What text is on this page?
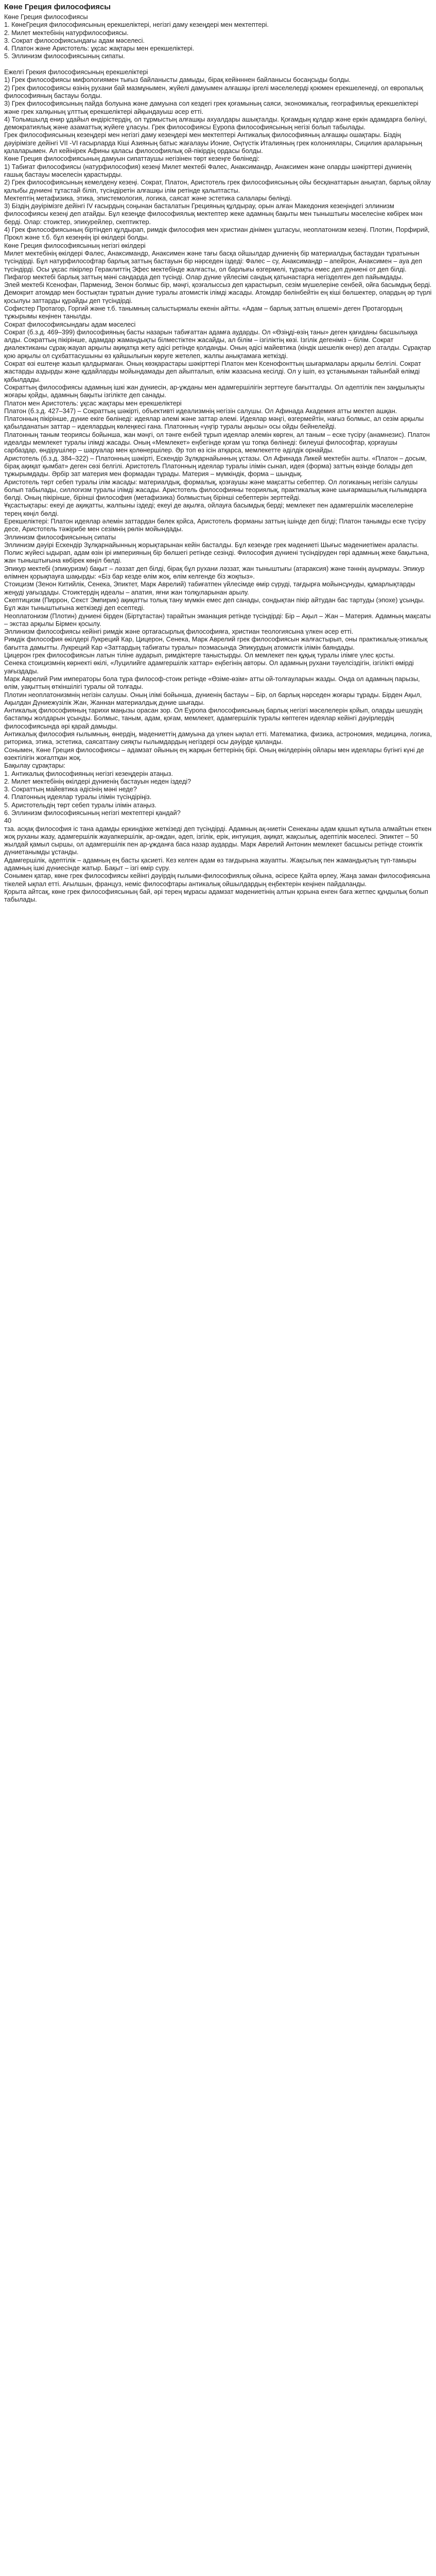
Көне Греция философиясы

Көне Греция философиясы

1. КөнеГреция философиясының ерекшеліктері, негізгі даму кезеңдері мен мектептері.

2. Милет мектебінің натурфилософиясы.

3. Сократ философиясындағы адам мәселесі.

4. Платон және Аристотель: ұқсас жақтары мен ерекшеліктері.

5. Эллинизм философиясының сипаты.

Ежелгі Грекия философиясының ерекшеліктері

1) Грек философиясы мифологиямен тығыз байланысты дамыды, бірақ кейінннен байланысы босаңсыды болды.

2) Грек философиясы өзінің рухани бай мазмұнымен, жүйелі дамуымен алғашқы іргелі мәселелерді қоюмен ерекшеленеді, ол европалық философияның бастауы болды.

3) Грек философиясының пайда болуына және дамуына сол кездегі грек қоғамының саяси, экономикалық, географиялық ерекшеліктері және грек халқының ұлттық ерекшеліктері айқындауыш әсер етті.

4) Тольмшылд енир ұдайыл өндірістердің, ол тұрмыстың алғашқы ахуалдары ашықталды. Қоғамдың кұлдар және еркін адамдарға бөлінуі, демократиялық және азаматтық жүйеге ұласуы. Грек философиясы Еуропа философиясының негізі болып табылады.

Грек философиясының кезеңдері мен негізгі даму кезеңдері мен мектептері Антикалық философияның алғашқы ошақтары. Біздің дәуірімізге дейінгі VII -VI ғасырларда Кіші Азияның батыс жағалауы Ионие, Оңтүстік Италияның грек колониялары, Сицилия араларының қалаларымен. Ал кейінірек Афины қаласы философиялық ой-пікірдің ордасы болды.

Көне Греция философиясының дамуын сипаттаушы негізінен төрт кезеңге бөлінеді:

1) Табиғат философиясы (натурфилософия) кезеңі Милет мектебі Фалес, Анаксимандр, Анаксимен және оларды шәкірттері дүниенің ғашық бастауы мәселесін қарастырды.

2) Грек философиясының кемелдену кезеңі. Сократ, Платон, Аристотель грек философиясының ойы бесқанаттарын анықтап, барлық ойлау қалыбы дүниені тұтастай біліп, түсіндіретін алғашқы ілім ретінде қалыптасты.

Мектептің метафизика, этика, эпистемология, логика, саясат және эстетика салалары бөлінді.

3) Біздің дәуірімізге дейінгі IV ғасырдың соңынан басталатын Грецияның құлдырау, орын алған Македония кезеңіндегі эллинизм философиясы кезеңі деп атайды. Бұл кезеңде философиялық мектептер жеке адамның бақыты мен тыныштығы мәселесіне көбірек мән берді. Олар: стоиктер, эпикурейлер, скептиктер.

4) Грек философиясының біртіндеп құлдырап, римдік философия мен христиан дінімен ұштасуы, неоплатонизм кезеңі. Плотин, Порфирий, Прокл және т.б. бұл кезеңнің ірі өкілдері болды.

Көне Греция философиясының негізгі өкілдері

Милет мектебінің өкілдері Фалес, Анаксимандр, Анаксимен және тағы басқа ойшылдар дүниенің бір материалдық бастаудан тұратынын түсіндірді. Бұл натурфилософтар барлық заттың бастауын бір нәрседен іздеді: Фалес – су, Анаксимандр – апейрон, Анаксимен – ауа деп түсіндірді. Осы ұқсас пікірлер Гераклиттің Эфес мектебінде жалғасты, ол барлығы өзгермелі, тұрақты емес деп дүниені от деп білді.

Пифагор мектебі барлық заттың мәні сандарда деп түсінді. Олар дүние үйлесімі сандық қатынастарға негізделген деп пайымдады.

Элей мектебі Ксенофан, Парменид, Зенон болмыс бір, мәңгі, қозғалыссыз деп қарастырып, сезім мүшелеріне сенбей, ойға басымдық берді.

Демокрит атомдар мен бостықтан тұратын дүние туралы атомистік ілімді жасады. Атомдар бөлінбейтін ең кіші бөлшектер, олардың әр түрлі қосылуы заттарды құрайды деп түсіндірді.

Софистер Протагор, Горгий және т.б. танымның салыстырмалы екенін айтты. «Адам – барлық заттың өлшемі» деген Протагордың тұжырымы кеңінен танылды.

Сократ философиясындағы адам мәселесі

Сократ (б.з.д. 469–399) философияның басты назарын табиғаттан адамға аударды. Ол «Өзіңді-өзің таны» деген қағиданы басшылыққа алды. Сократтың пікірінше, адамдар жамандықты білместіктен жасайды, ал білім – ізгіліктің көзі. Ізгілік дегеніміз – білім. Сократ диалектиканы сұрақ-жауап арқылы ақиқатқа жету әдісі ретінде қолданды. Оның әдісі майевтика (кіндік шешелік өнер) деп аталды. Сұрақтар қою арқылы ол сұхбаттасушыны өз қайшылығын көруге жетелеп, жалпы анықтамаға жеткізді.

Сократ өзі ештеңе жазып қалдырмаған. Оның көзқарастары шәкірттері Платон мен Ксенофонттың шығармалары арқылы белгілі. Сократ жастарды аздырды және құдайларды мойындамады деп айыпталып, өлім жазасына кесілді. Ол у ішіп, өз ұстанымынан тайынбай өлімді қабылдады.

Сократтың философиясы адамның ішкі жан дүниесін, ар-ұжданы мен адамгершілігін зерттеуге бағытталды. Ол әдептілік пен заңдылықты жоғары қойды, адамның бақыты ізгілікте деп санады.

Платон мен Аристотель: ұқсас жақтары мен ерекшеліктері

Платон (б.з.д. 427–347) – Сократтың шәкірті, объективті идеализмнің негізін салушы. Ол Афинада Академия атты мектеп ашқан. Платонның пікірінше, дүние екіге бөлінеді: идеялар әлемі және заттар әлемі. Идеялар мәңгі, өзгермейтін, нағыз болмыс, ал сезім арқылы қабылданатын заттар – идеялардың көлеңкесі ғана. Платонның «үңгір туралы аңызы» осы ойды бейнелейді.

Платонның таным теориясы бойынша, жан мәңгі, ол тәнге енбей тұрып идеялар әлемін көрген, ал таным – еске түсіру (анамнезис). Платон идеалды мемлекет туралы ілімді жасады. Оның «Мемлекет» еңбегінде қоғам үш топқа бөлінеді: билеуші философтар, қорғаушы сарбаздар, өндірушілер – шаруалар мен қолөнершілер. Әр топ өз ісін атқарса, мемлекетте әділдік орнайды.

Аристотель (б.з.д. 384–322) – Платонның шәкірті, Ескендір Зұлқарнайынның ұстазы. Ол Афинада Ликей мектебін ашты. «Платон – досым, бірақ ақиқат қымбат» деген сөзі белгілі. Аристотель Платонның идеялар туралы ілімін сынап, идея (форма) заттың өзінде болады деп тұжырымдады. Әрбір зат материя мен формадан тұрады. Материя – мүмкіндік, форма – шындық.

Аристотель төрт себеп туралы ілім жасады: материалдық, формалық, қозғаушы және мақсатты себептер. Ол логиканың негізін салушы болып табылады, силлогизм туралы ілімді жасады. Аристотель философияны теориялық, практикалық және шығармашылық ғылымдарға бөлді. Оның пікірінше, бірінші философия (метафизика) болмыстың бірінші себептерін зерттейді.

Ұқсастықтары: екеуі де ақиқатты, жалпыны іздеді; екеуі де ақылға, ойлауға басымдық берді; мемлекет пен адамгершілік мәселелеріне терең көңіл бөлді.

Ерекшеліктері: Платон идеялар әлемін заттардан бөлек қойса, Аристотель форманы заттың ішінде деп білді; Платон танымды еске түсіру десе, Аристотель тәжірибе мен сезімнің рөлін мойындады.

Эллинизм философиясының сипаты

Эллинизм дәуірі Ескендір Зұлқарнайынның жорықтарынан кейін басталды. Бұл кезеңде грек мәдениеті Шығыс мәдениетімен араласты. Полис жүйесі ыдырап, адам өзін ірі империяның бір бөлшегі ретінде сезінді. Философия дүниені түсіндіруден гөрі адамның жеке бақытына, жан тыныштығына көбірек көңіл бөлді.

Эпикур мектебі (эпикуризм) бақыт – ләззат деп білді, бірақ бұл рухани ләззат, жан тыныштығы (атараксия) және тәннің ауырмауы. Эпикур өлімнен қорықпауға шақырды: «Біз бар кезде өлім жоқ, өлім келгенде біз жоқпыз».

Стоицизм (Зенон Китийлік, Сенека, Эпиктет, Марк Аврелий) табиғатпен үйлесімде өмір сүруді, тағдырға мойынсұнуды, құмарлықтарды жеңуді уағыздады. Стоиктердің идеалы – апатия, яғни жан толқуларынан арылу.

Скептицизм (Пиррон, Секст Эмпирик) ақиқатты толық тану мүмкін емес деп санады, сондықтан пікір айтудан бас тартуды (эпохе) ұсынды. Бұл жан тыныштығына жеткізеді деп есептеді.

Неоплатонизм (Плотин) дүниені бірден (Біртұтастан) тарайтын эманация ретінде түсіндірді: Бір – Ақыл – Жан – Материя. Адамның мақсаты – экстаз арқылы Бірмен қосылу.

Эллинизм философиясы кейінгі римдік және ортағасырлық философияға, христиан теологиясына үлкен әсер етті.

Римдік философия өкілдері Лукреций Кар, Цицерон, Сенека, Марк Аврелий грек философиясын жалғастырып, оны практикалық-этикалық бағытта дамытты. Лукреций Кар «Заттардың табиғаты туралы» поэмасында Эпикурдың атомистік ілімін баяндады.

Цицерон грек философиясын латын тіліне аударып, римдіктерге таныстырды. Ол мемлекет пен құқық туралы ілімге үлес қосты.

Сенека стоицизмнің көрнекті өкілі, «Луцилийге адамгершілік хаттар» еңбегінің авторы. Ол адамның рухани тәуелсіздігін, ізгілікті өмірді уағыздады.

Марк Аврелий Рим императоры бола тұра философ-стоик ретінде «Өзіме-өзім» атты ой-толғауларын жазды. Онда ол адамның парызы, өлім, уақыттың өткіншілігі туралы ой толғады.

Плотин неоплатонизмнің негізін салушы. Оның ілімі бойынша, дүниенің бастауы – Бір, ол барлық нәрседен жоғары тұрады. Бірден Ақыл, Ақылдан Дүниежүзілік Жан, Жаннан материалдық дүние шығады.

Антикалық философияның тарихи маңызы орасан зор. Ол Еуропа философиясының барлық негізгі мәселелерін қойып, оларды шешудің бастапқы жолдарын ұсынды. Болмыс, таным, адам, қоғам, мемлекет, адамгершілік туралы көптеген идеялар кейінгі дәуірлердің философиясында әрі қарай дамыды.

Антикалық философия ғылымның, өнердің, мәдениеттің дамуына да үлкен ықпал етті. Математика, физика, астрономия, медицина, логика, риторика, этика, эстетика, саясаттану сияқты ғылымдардың негіздері осы дәуірде қаланды.

Сонымен, Көне Греция философиясы – адамзат ойының ең жарқын беттерінің бірі. Оның өкілдерінің ойлары мен идеялары бүгінгі күні де өзектілігін жоғалтқан жоқ.

Бақылау сұрақтары:

1. Антикалық философияның негізгі кезеңдерін атаңыз.

2. Милет мектебінің өкілдері дүниенің бастауын неден іздеді?

3. Сократтың майевтика әдісінің мәні неде?

4. Платонның идеялар туралы ілімін түсіндіріңіз.

5. Аристотельдің төрт себеп туралы ілімін атаңыз.

6. Эллинизм философиясының негізгі мектептері қандай?

40

тза. асқақ философия іс тана адамды еркиндікке жеткізеді деп түсіндірді. Адамның ақ-ниетін Сенеканы адам қашып кұтыла алмайтын еткен жоқ руханы жазу, адамгершілік жауапкершілік, ар-ождан, әдеп, ізгілік, ерік, интуиция, ақиқат, жақсылық, әдептілік мәселесі. Эпиктет – 50 жылдай қамыл сыршы, ол адамгершілік пен ар-ұжданға баса назар аударды. Марк Аврелий Антонин мемлекет басшысы ретінде стоиктік дүниетанымды ұстанды.

Адамгершілік, әдептілік – адамның ең басты қасиеті. Кез келген адам өз тағдырына жауапты. Жақсылық пен жамандықтың түп-тамыры адамның ішкі дүниесінде жатыр. Бақыт – ізгі өмір сүру.

Сонымен қатар, көне грек философиясы кейінгі дәуірдің ғылыми-философиялық ойына, әсіресе Қайта өрлеу, Жаңа заман философиясына тікелей ықпал етті. Ағылшын, француз, неміс философтары антикалық ойшылдардың еңбектерін кеңінен пайдаланды.

Қорыта айтсақ, көне грек философиясының бай, әрі терең мұрасы адамзат мәдениетінің алтын қорына енген баға жетпес құндылық болып табылады.
